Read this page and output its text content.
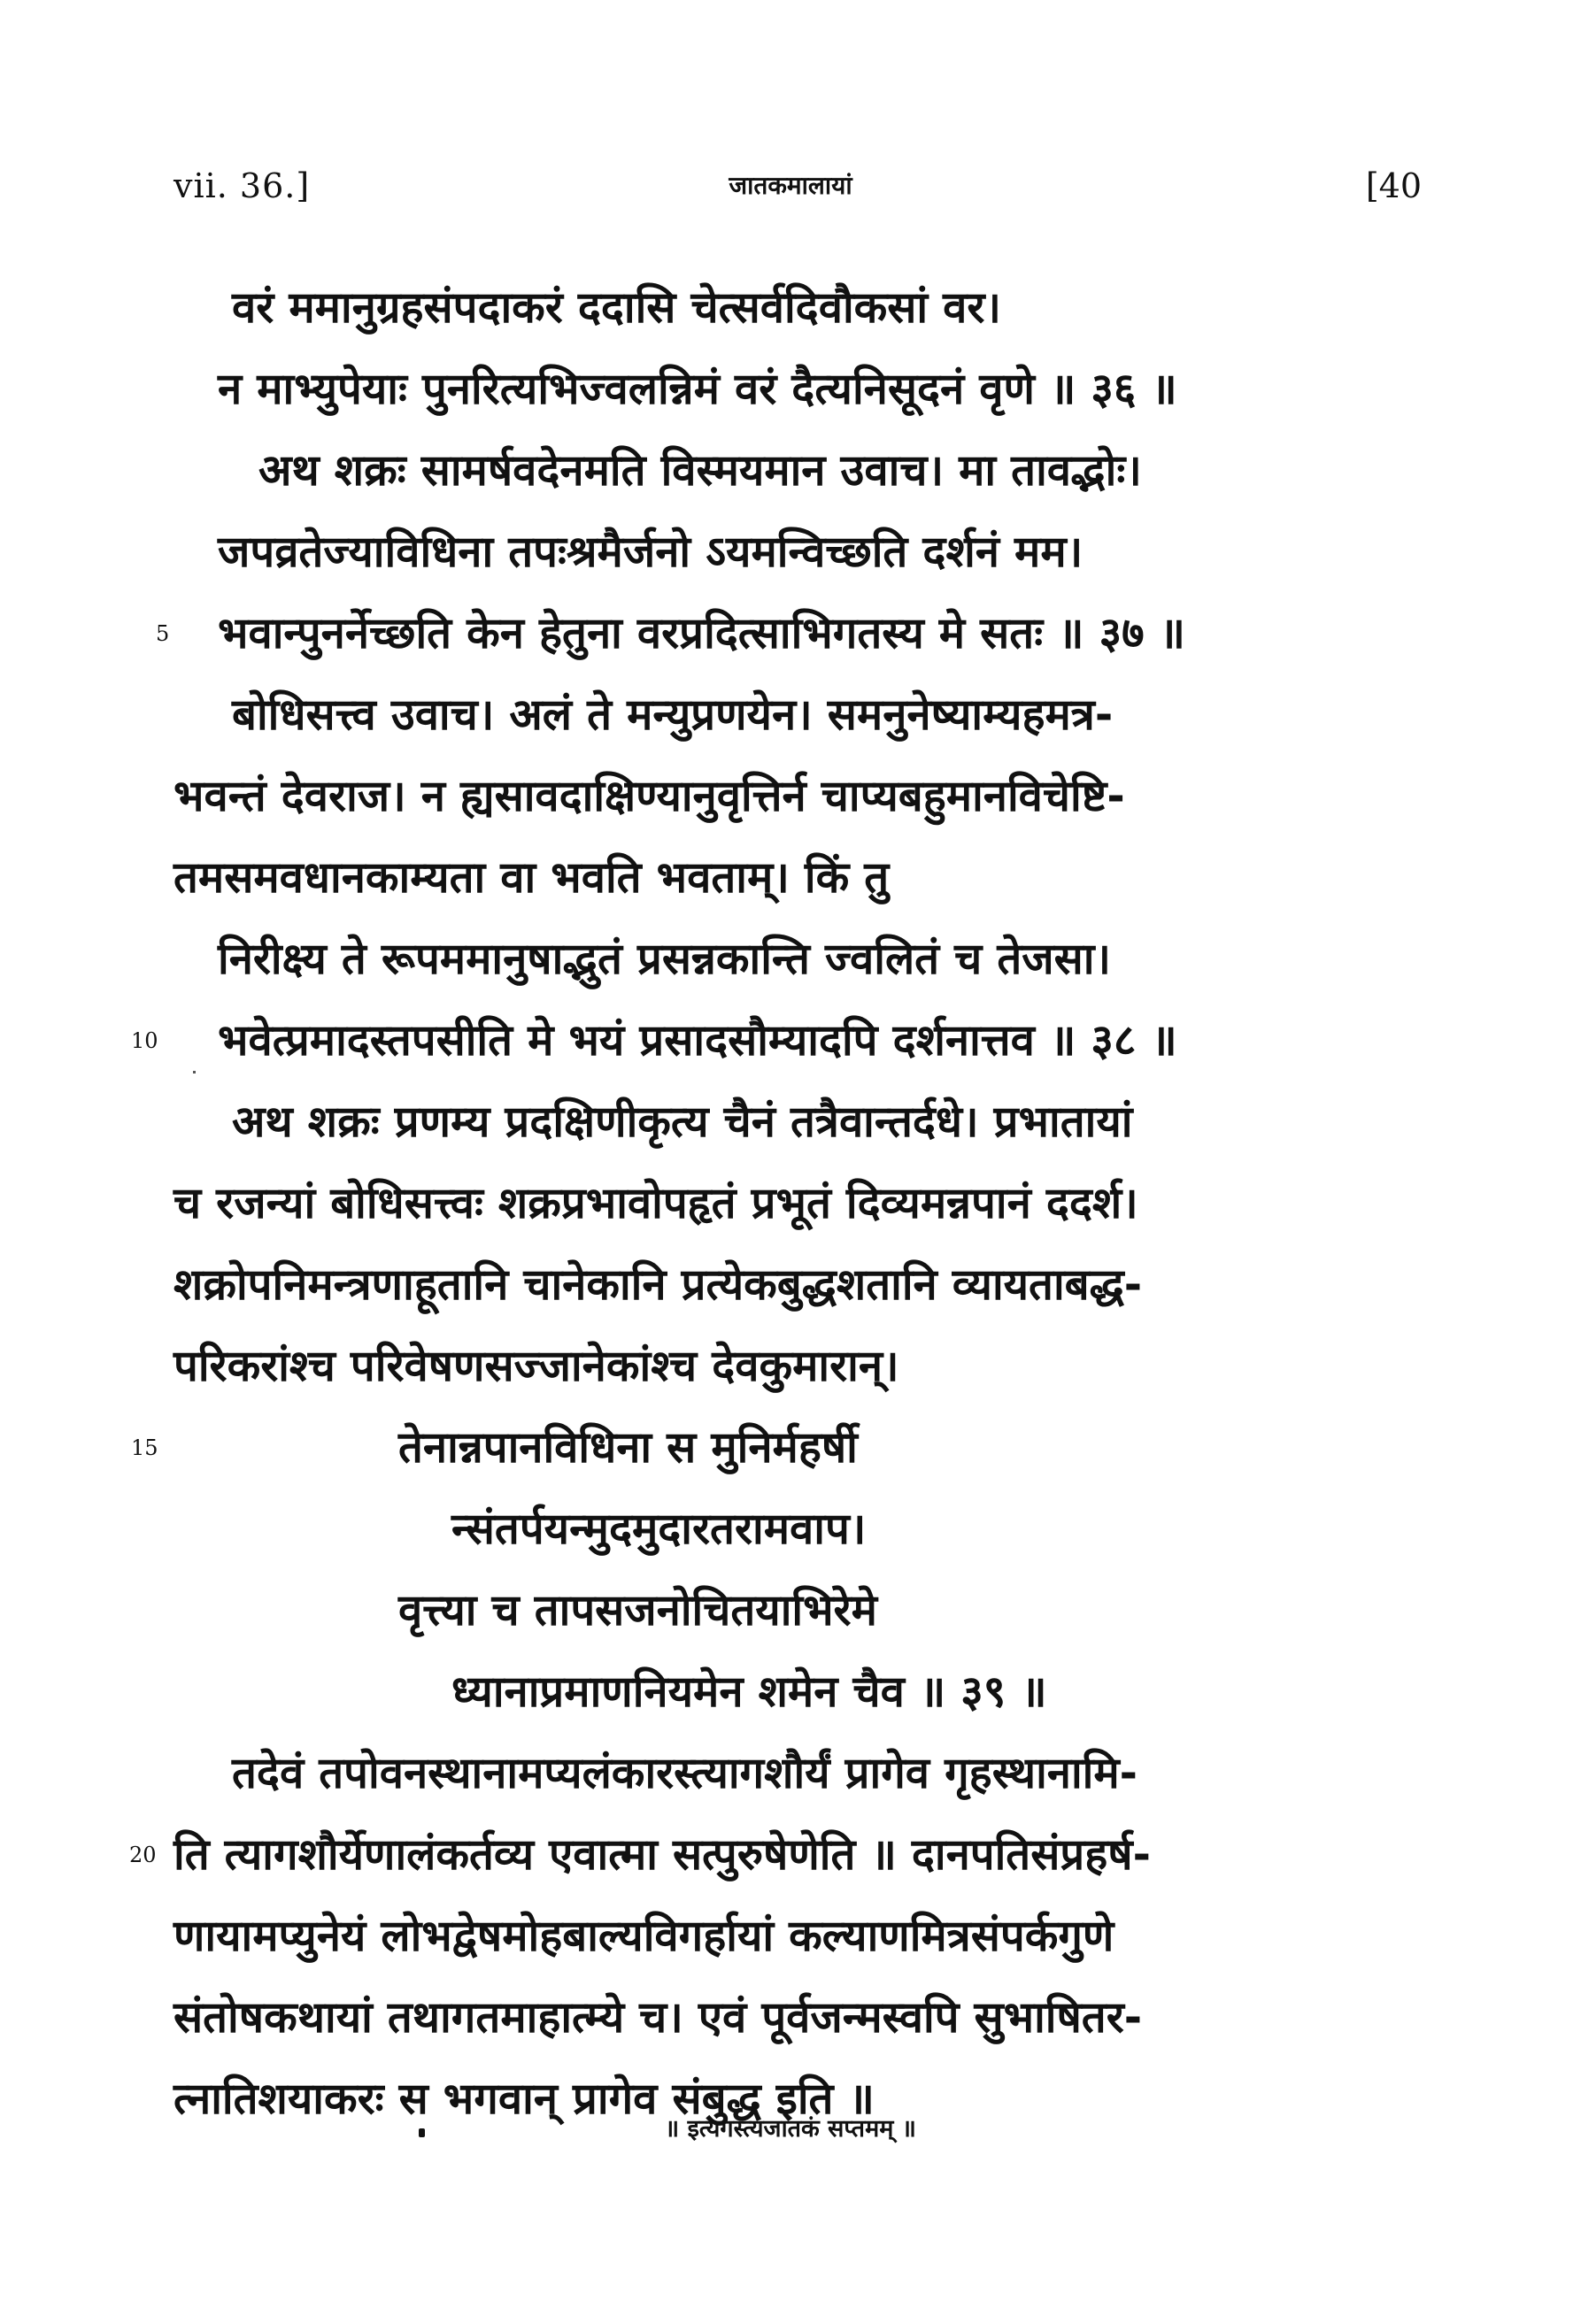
vii. 36.]	जातकमालायां	[40
वरं ममानुग्रहसंपदाकरं ददासि चेत्सर्वदिवौकसां वर।
न माभ्युपेयाः पुनरित्यभिज्वलन्निमं वरं दैत्यनिसूदनं वृणे ॥ ३६ ॥
अथ शक्रः सामर्षवदेनमति विस्मयमान उवाच। मा तावद्भोः।
जपव्रतेज्याविधिना तपःश्रमैर्जनो ऽयमन्विच्छति दर्शनं मम।
5 भवान्पुनर्नेच्छति केन हेतुना वरप्रदित्साभिगतस्य मे सतः ॥ ३७ ॥
बोधिसत्त्व उवाच। अलं ते मन्युप्रणयेन। समनुनेष्याम्यहमत्र-
भवन्तं देवराज। न ह्यसावदाक्षिण्यानुवृत्तिर्न चाप्यबहुमानविचेष्टि-
तमसमवधानकाम्यता वा भवति भवताम्। किं तु
निरीक्ष्य ते रूपममानुषाद्भुतं प्रसन्नकान्ति ज्वलितं च तेजसा।
10 भवेत्प्रमादस्तपसीति मे भयं प्रसादसौम्यादपि दर्शनात्तव ॥ ३८ ॥
अथ शक्रः प्रणम्य प्रदक्षिणीकृत्य चैनं तत्रैवान्तर्दधे। प्रभातायां
च रजन्यां बोधिसत्त्वः शक्रप्रभावोपहृतं प्रभूतं दिव्यमन्नपानं ददर्श।
शक्रोपनिमन्त्रणाहूतानि चानेकानि प्रत्येकबुद्धशतानि व्यायताबद्ध-
परिकरांश्च परिवेषणसज्जानेकांश्च देवकुमारान्।
15	तेनान्नपानविधिना स मुनिर्महर्षी
न्संतर्पयन्मुदमुदारतरामवाप।
वृत्त्या च तापसजनोचितयाभिरेमे
ध्यानाप्रमाणनियमेन शमेन चैव ॥ ३९ ॥
तदेवं तपोवनस्थानामप्यलंकारस्त्यागशौर्यं प्रागेव गृहस्थानामि-
20 ति त्यागशौर्येणालंकर्तव्य एवात्मा सत्पुरुषेणेति ॥ दानपतिसंप्रहर्ष-
णायामप्युनेयं लोभद्वेषमोहबाल्यविगर्हायां कल्याणमित्रसंपर्कगुणे
संतोषकथायां तथागतमाहात्म्ये च। एवं पूर्वजन्मस्वपि सुभाषितर-
त्नातिशयाकरः स भगवान् प्रागेव संबुद्ध इति ॥
॥ इत्यगस्त्यजातकं सप्तमम् ॥
